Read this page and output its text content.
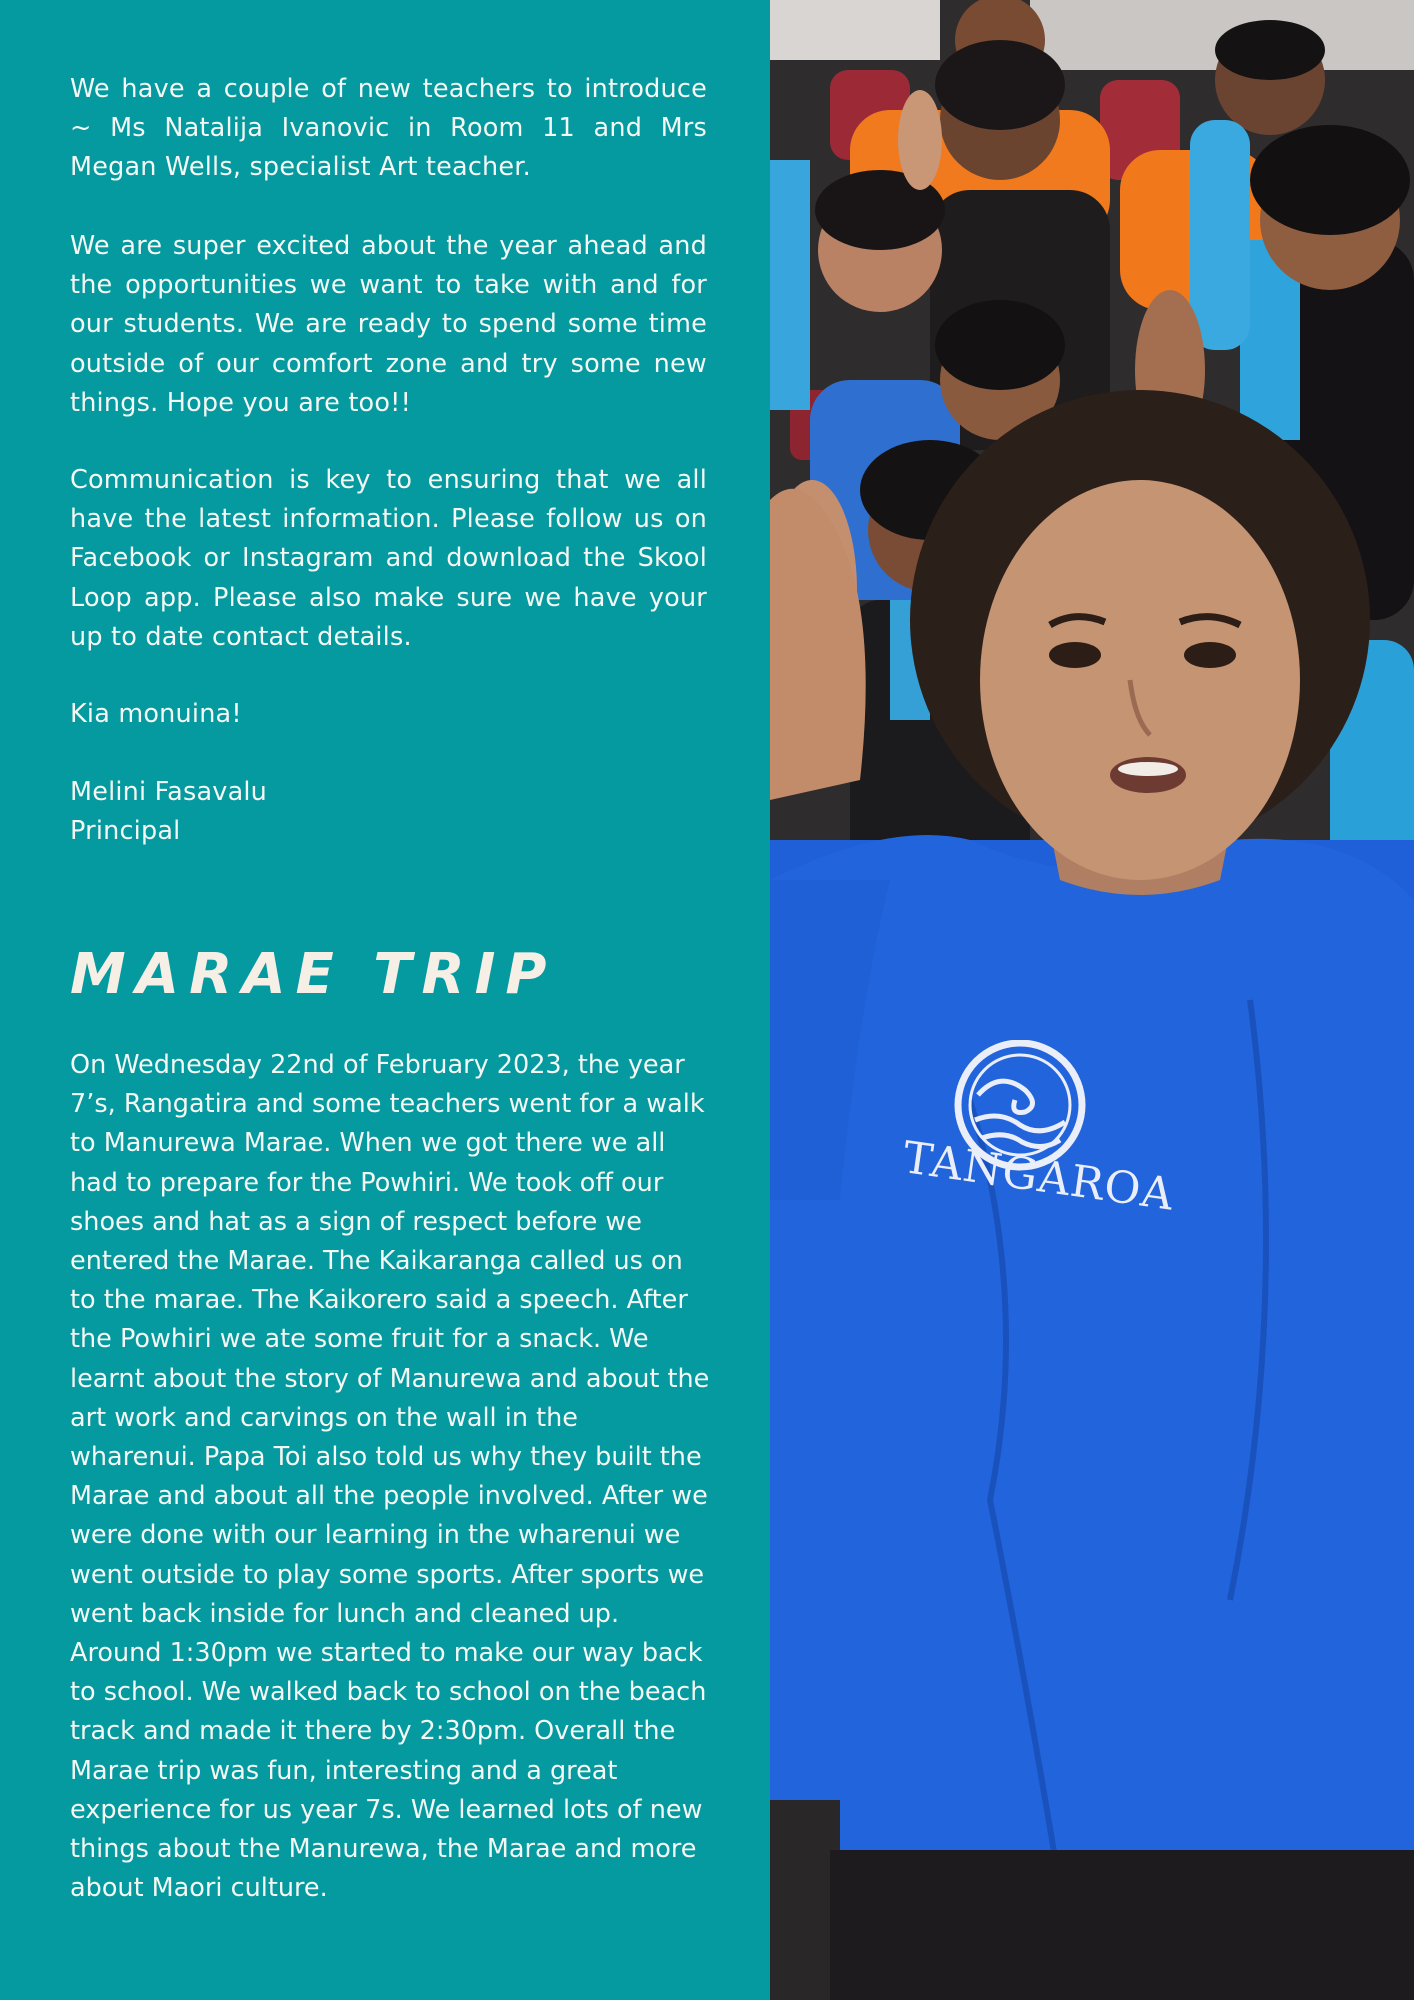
We have a couple of new teachers to introduce ~ Ms Natalija Ivanovic in Room 11 and Mrs Megan Wells, specialist Art teacher.

We are super excited about the year ahead and the opportunities we want to take with and for our students. We are ready to spend some time outside of our comfort zone and try some new things. Hope you are too!!

Communication is key to ensuring that we all have the latest information. Please follow us on Facebook or Instagram and download the Skool Loop app. Please also make sure we have your up to date contact details.

Kia monuina!

Melini Fasavalu
Principal
MARAE TRIP

On Wednesday 22nd of February 2023, the year 7’s, Rangatira and some teachers went for a walk to Manurewa Marae. When we got there we all had to prepare for the Powhiri. We took off our shoes and hat as a sign of respect before we entered the Marae. The Kaikaranga called us on to the marae. The Kaikorero said a speech. After the Powhiri we ate some fruit for a snack. We learnt about the story of Manurewa and about the art work and carvings on the wall in the wharenui. Papa Toi also told us why they built the Marae and about all the people involved. After we were done with our learning in the wharenui we went outside to play some sports. After sports we went back inside for lunch and cleaned up. Around 1:30pm we started to make our way back to school. We walked back to school on the beach track and made it there by 2:30pm. Overall the Marae trip was fun, interesting and a great experience for us year 7s. We learned lots of new things about the Manurewa, the Marae and more about Maori culture.

TANGAROA
